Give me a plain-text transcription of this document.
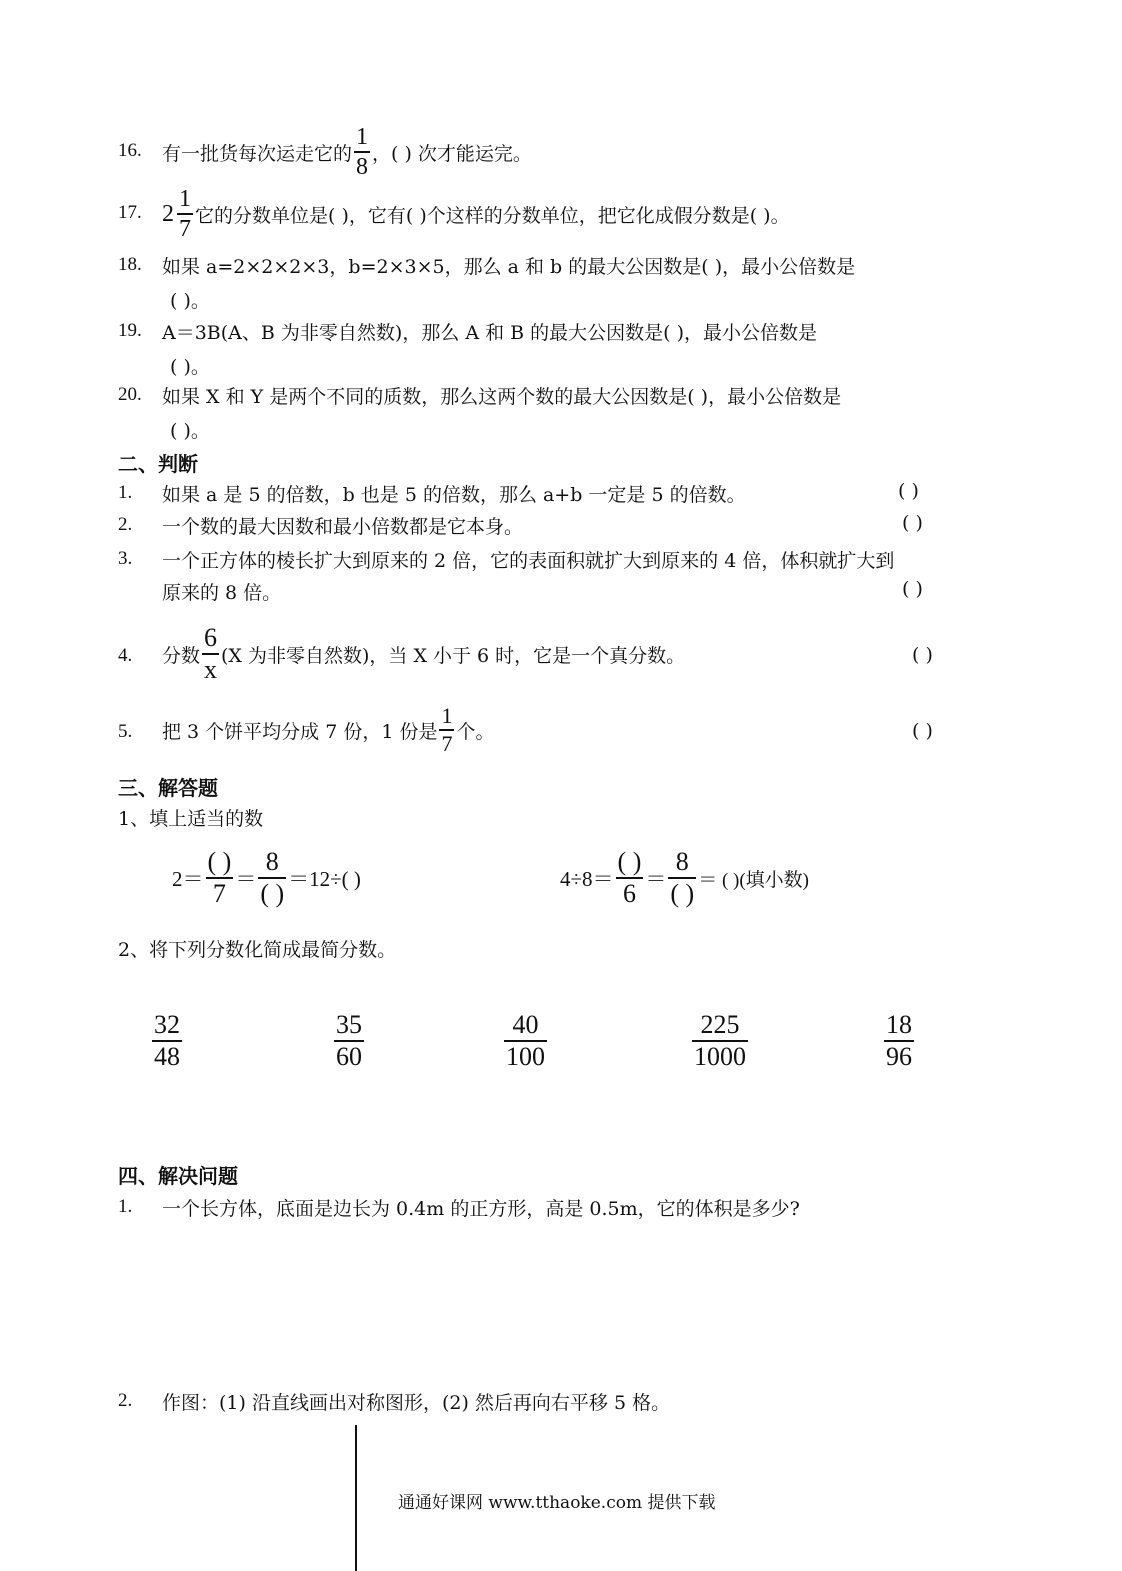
16. 有一批货每次运走它的 $\frac{1}{8}$ ，( ) 次才能运完。
17. $2 \frac{1}{7}$ 它的分数单位是( )，它有( )个这样的分数单位，把它化成假分数是( )。
18. 如果 a=2×2×2×3，b=2×3×5，那么 a 和 b 的最大公因数是( )，最小公倍数是
( )。
19. A＝3B(A、B 为非零自然数)，那么 A 和 B 的最大公因数是( )，最小公倍数是
( )。
20. 如果 X 和 Y 是两个不同的质数，那么这两个数的最大公因数是( )，最小公倍数是
( )。
二、判断
1. 如果 a 是 5 的倍数，b 也是 5 的倍数，那么 a+b 一定是 5 的倍数。	( )
2. 一个数的最大因数和最小倍数都是它本身。	( )
3. 一个正方体的棱长扩大到原来的 2 倍，它的表面积就扩大到原来的 4 倍，体积就扩大到
原来的 8 倍。	( )
4. 分数 $\frac{6}{x} (X$ 为非零自然数)，当 X 小于 6 时，它是一个真分数。	( )
5. 把 3 个饼平均分成 7 份，1 份是 $\frac{1}{7}$ 个。	( )
三、解答题
1、填上适当的数
$2= \frac{( )}{7} = \frac{8}{( )} =12\div$( )	$4\div 8= \frac{( )}{6} = \frac{8}{( )}$ ＝ ( )(填小数)
2、将下列分数化简成最简分数。
32
48
35
60
40
100
225
1000
18
96
四、解决问题
1. 一个长方体，底面是边长为 0.4m 的正方形，高是 0.5m，它的体积是多少?
2. 作图：(1) 沿直线画出对称图形，(2) 然后再向右平移 5 格。
通通好课网 www.tthaoke.com 提供下载
